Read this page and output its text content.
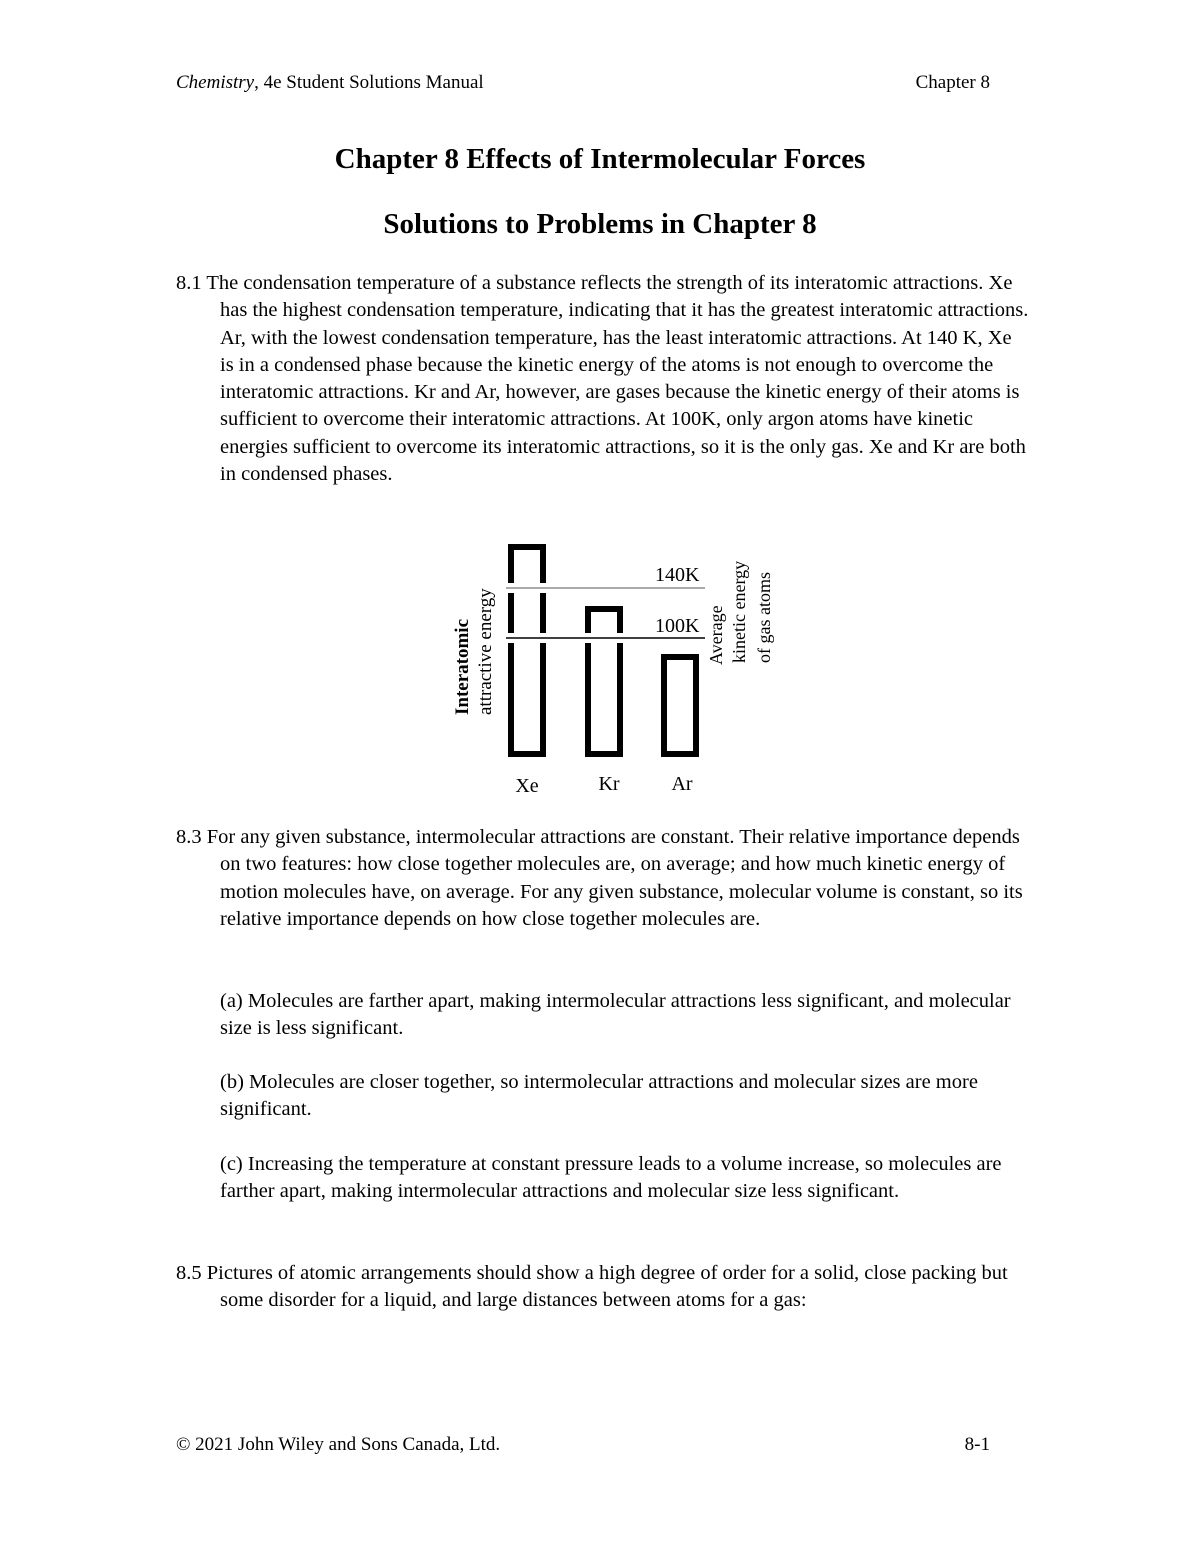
Chemistry, 4e Student Solutions Manual	Chapter 8
Chapter 8 Effects of Intermolecular Forces
Solutions to Problems in Chapter 8

8.1 The condensation temperature of a substance reflects the strength of its interatomic attractions. Xe has the highest condensation temperature, indicating that it has the greatest interatomic attractions. Ar, with the lowest condensation temperature, has the least interatomic attractions. At 140 K, Xe is in a condensed phase because the kinetic energy of the atoms is not enough to overcome the interatomic attractions. Kr and Ar, however, are gases because the kinetic energy of their atoms is sufficient to overcome their interatomic attractions. At 100K, only argon atoms have kinetic energies sufficient to overcome its interatomic attractions, so it is the only gas. Xe and Kr are both in condensed phases.

140K
100K
Interatomic attractive energy	Average kinetic energy of gas atoms
Xe	Kr	Ar

8.3 For any given substance, intermolecular attractions are constant. Their relative importance depends on two features: how close together molecules are, on average; and how much kinetic energy of motion molecules have, on average. For any given substance, molecular volume is constant, so its relative importance depends on how close together molecules are.

(a) Molecules are farther apart, making intermolecular attractions less significant, and molecular size is less significant.

(b) Molecules are closer together, so intermolecular attractions and molecular sizes are more significant.

(c) Increasing the temperature at constant pressure leads to a volume increase, so molecules are farther apart, making intermolecular attractions and molecular size less significant.

8.5 Pictures of atomic arrangements should show a high degree of order for a solid, close packing but some disorder for a liquid, and large distances between atoms for a gas:

© 2021 John Wiley and Sons Canada, Ltd.	8-1
